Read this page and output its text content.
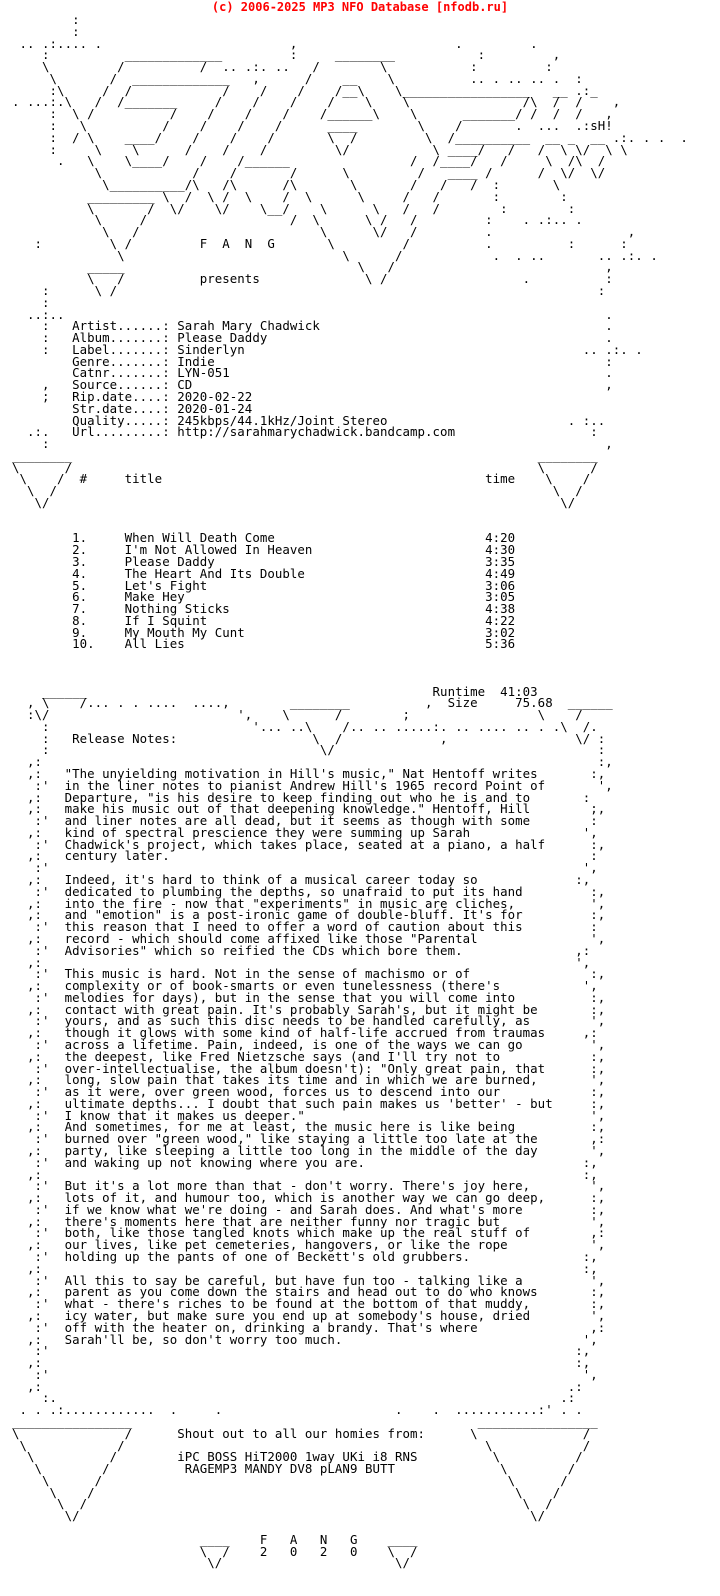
(c) 2006-2025 MP3 NFO Database [nfodb.ru]
:
:
.. .:.... .                         ,                     .         .
:          _____________         :     ________           :         ,
\         /          /  .. .:. ..   /        \           :         :
\       /  _____________   ,      /    __    \          .. . .. .. .  :
:\     /  /            /    /    /    /__\    \_________________   __ .:_
. ...:.\   /  /_______     /    /    /    /    \    \               /\  /  /    ,
:  \ /          /    /    /    /    /______\    \      _______/ /  /  /   ,
:   \          /    /    /    /      ____        \    /       .  ...  .:sH!
:  / \    ____/    /    /    /       \  /         \  /__________  __ _  __ .:. . .  .
:     \    \      /    /    /         \/           \ ____/   /   /  \ \/  \ \
.   \    \____/    /    /______                /  /____/   /     \  /\  /
\            /    /       /      \         /   ____ /      /  \/  \/
\__________/\   /\      /\       \       /   /   /  :       \
_________ \  /  \ /  \    /  \      \     /   /       :        :
\       /  \/    \/    \__/    \      \   /   /        :        :
\     /                   /  \      \ /   /         :    . .:.. .
\   /                        \      \/   /         .                  ,
:         \ /         F  A  N  G       \         /          .          :      :
\                             \      /            .  . ..       .. .:. .
_____                               \   /                            ,
\   /          presents              \ /                  .          :
:      \ /                                                                :
:
..:..                                                                        .
:   Artist......: Sarah Mary Chadwick                                      .
:   Album.......: Please Daddy                                             .
:   Label.......: Sinderlyn                                             .. .:. .
Genre.......: Indie                                                    :
Catnr.......: LYN-051                                                  .
,   Source......: CD                                                       ,
;   Rip.date....: 2020-02-22
Str.date....: 2020-01-24
Quality.....: 245kbps/44.1kHz/Joint Stereo                        . :..
.:.   Url.........: http://sarahmarychadwick.bandcamp.com                  :
:                                                                          ,
________                                                              ________
\      /                                                              \      /
\    /  #     title                                           time    \    /
\  /                                                                  \  /
\/                                                                    \/

1.     When Will Death Come                            4:20
2.     I'm Not Allowed In Heaven                       4:30
3.     Please Daddy                                    3:35
4.     The Heart And Its Double                        4:49
5.     Let's Fight                                     3:06
6.     Make Hey                                        3:05
7.     Nothing Sticks                                  4:38
8.     If I Squint                                     4:22
9.     My Mouth My Cunt                                3:02
10.    All Lies                                        5:36

______                                              Runtime  41:03
, \    /... . . ....  ....,        ________          ,  Size     75.68  ______
:\/                         ',    \      /        ;                 \    /
:                           '... ..\    /.. .. .....:. .. .... .. . .\  /.
:   Release Notes:                  \  /             ,                 \/ :
:                                    \/                                   :
,:                                                                          :,
,:   "The unyielding motivation in Hill's music," Nat Hentoff writes       :,
:'  in the liner notes to pianist Andrew Hill's 1965 record Point of       ',
,:   Departure, "is his desire to keep finding out who he is and to       :
,:   make his music out of that deepening knowledge." Hentoff, Hill        ;,
:'  and liner notes are all dead, but it seems as though with some        :
,:   kind of spectral prescience they were summing up Sarah               ',
:'  Chadwick's project, which takes place, seated at a piano, a half      :,
,:   century later.                                                        :
:'                                                                       ',
,:   Indeed, it's hard to think of a musical career today so             :,
:'  dedicated to plumbing the depths, so unafraid to put its hand         :,
,:   into the fire - now that "experiments" in music are cliches,          ',
,:   and "emotion" is a post-ironic game of double-bluff. It's for         :,
:'  this reason that I need to offer a word of caution about this         :
,:   record - which should come affixed like those "Parental               ',
:'  Advisories" which so reified the CDs which bore them.               ,:
,:                                                                       ',
:'  This music is hard. Not in the sense of machismo or of                :,
,:   complexity or of book-smarts or even tunelessness (there's           ',
:'  melodies for days), but in the sense that you will come into          :,
,:   contact with great pain. It's probably Sarah's, but it might be       :,
:'  yours, and as such this disc needs to be handled carefully, as        ',
,:   though it glows with some kind of half-life accrued from traumas     ,:
:'  across a lifetime. Pain, indeed, is one of the ways we can go         ',
,:   the deepest, like Fred Nietzsche says (and I'll try not to            :,
:'  over-intellectualise, the album doesn't): "Only great pain, that      :,
,:   long, slow pain that takes its time and in which we are burned,       ',
:'  as it were, over green wood, forces us to descend into our            :,
,:   ultimate depths... I doubt that such pain makes us 'better' - but     :,
:'  I know that it makes us deeper."                                      ',
,:   And sometimes, for me at least, the music here is like being          :,
:'  burned over "green wood," like staying a little too late at the       ,:
,:   party, like sleeping a little too long in the middle of the day       ',
:'  and waking up not knowing where you are.                             :,
,:                                                                        :,
:'  But it's a lot more than that - don't worry. There's joy here,        ',
,:   lots of it, and humour too, which is another way we can go deep,      :,
:'  if we know what we're doing - and Sarah does. And what's more         :,
,:   there's moments here that are neither funny nor tragic but            ',
:'  both, like those tangled knots which make up the real stuff of        ,:
,:   our lives, like pet cemeteries, hangovers, or like the rope           ',
:'  holding up the pants of one of Beckett's old grubbers.               :,
,:                                                                        :,
:'  All this to say be careful, but have fun too - talking like a         ',
,:   parent as you come down the stairs and head out to do who knows       :,
:'  what - there's riches to be found at the bottom of that muddy,        :,
,:   icy water, but make sure you end up at somebody's house, dried        ',
:'  off with the heater on, drinking a brandy. That's where               ,:
,:   Sarah'll be, so don't worry too much.                                ',
:'                                                                      :,
,:                                                                       :,
:'                                                                       ',
,:                                                                      .:
:.                                                                   .:
. . .:............  .     .                       .    .  ...........:' . .
________________                                              ________________
\              /      Shout out to all our homies from:      \              /
\            /                                                \            /
\          /        iPC BOSS HiT2000 1way UKi i8 RNS          \          /
\        /          RAGEMP3 MANDY DV8 pLAN9 BUTT              \        /
\      /                                                      \      /
\    /                                                        \    /
\  /                                                          \  /
\/                                                            \/

____    F   A   N   G    ____
\  /    2   0   2   0    \  /
\/                       \/
